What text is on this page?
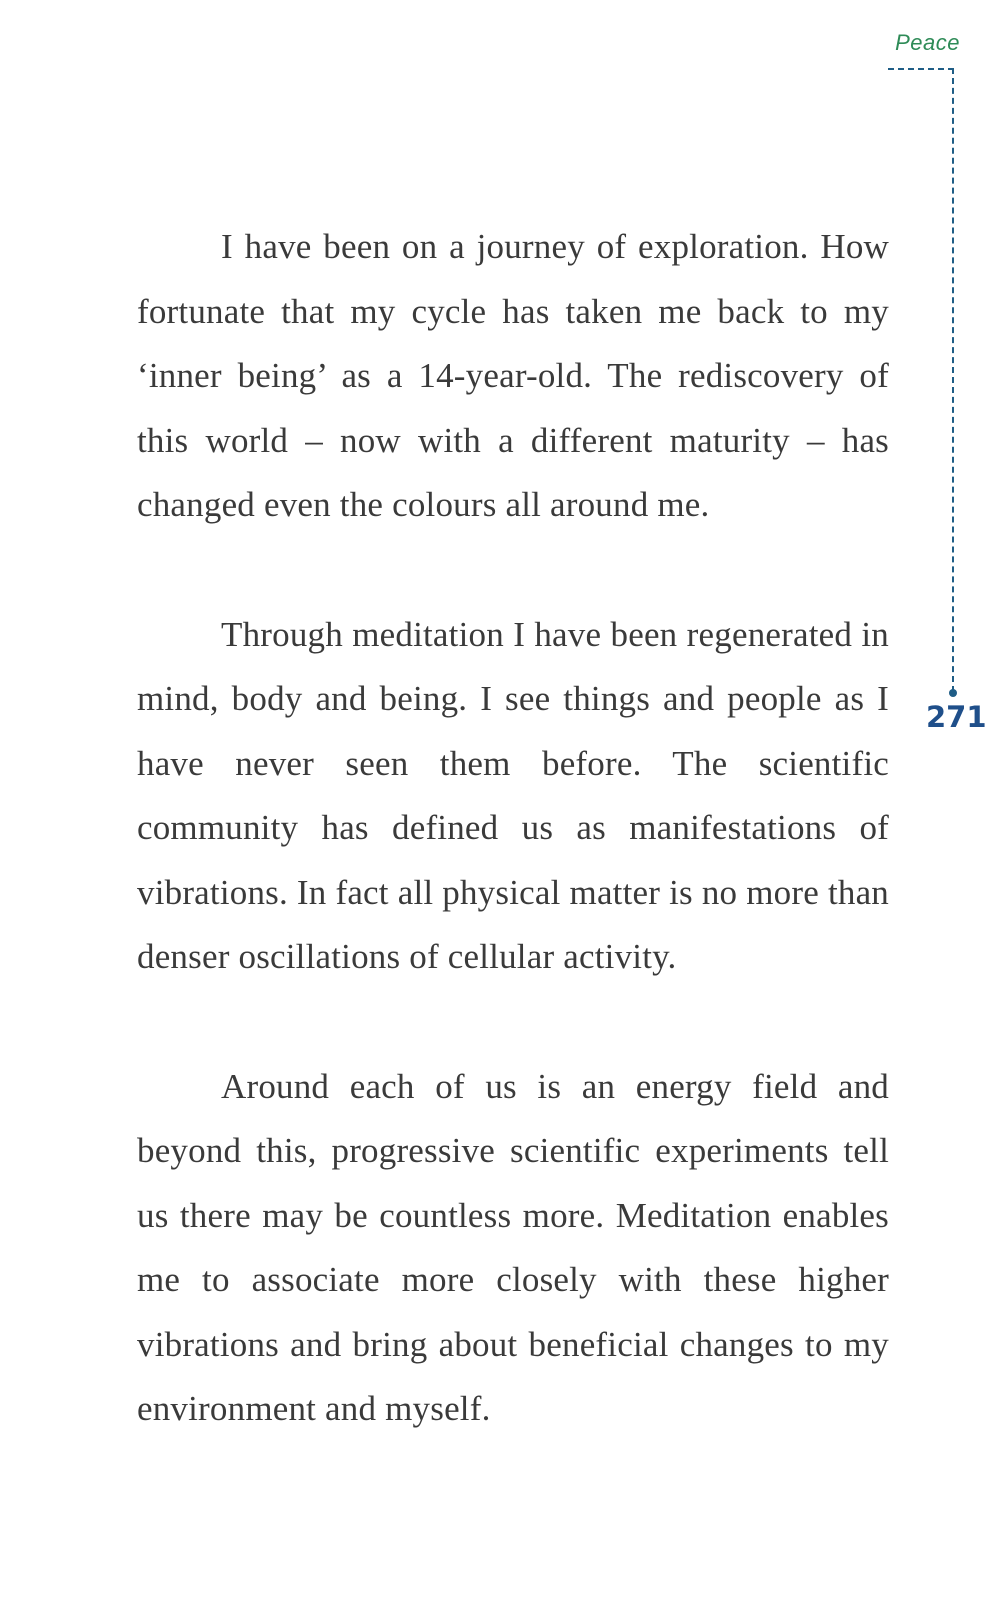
Peace
271

I have been on a journey of exploration. How fortunate that my cycle has taken me back to my ‘inner being’ as a 14-year-old. The rediscovery of this world – now with a different maturity – has changed even the colours all around me.

Through meditation I have been regenerated in mind, body and being. I see things and people as I have never seen them before. The scientific community has defined us as manifestations of vibrations. In fact all physical matter is no more than denser oscillations of cellular activity.

Around each of us is an energy field and beyond this, progressive scientific experiments tell us there may be countless more. Meditation enables me to associate more closely with these higher vibrations and bring about beneficial changes to my environment and myself.
